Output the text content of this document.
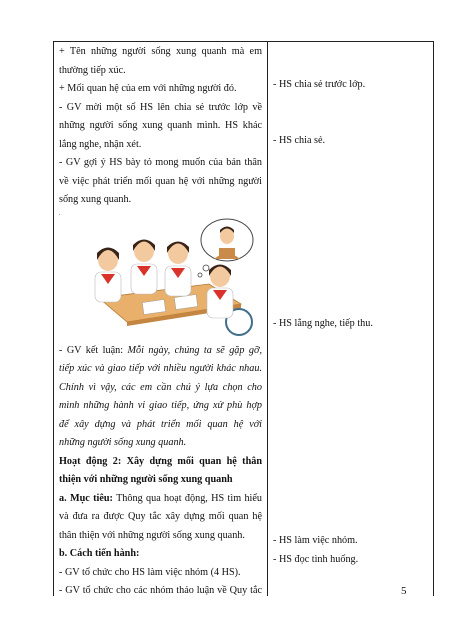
+ Tên những người sống xung quanh mà em
thường tiếp xúc.
+ Mối quan hệ của em với những người đó.
- GV mời một số HS lên chia sẻ trước lớp về
những người sống xung quanh mình. HS khác
lắng nghe, nhận xét.
- GV gợi ý HS bày tỏ mong muốn của bản thân
về việc phát triển mối quan hệ với những người
sống xung quanh.
.
- GV kết luận: Mỗi ngày, chúng ta sẽ gặp gỡ,
tiếp xúc và giao tiếp với nhiều người khác nhau.
Chính vì vậy, các em cần chú ý lựa chọn cho
mình những hành vi giao tiếp, ứng xử phù hợp
để xây dựng và phát triển mối quan hệ với
những người sống xung quanh.
Hoạt động 2: Xây dựng mối quan hệ thân
thiện với những người sống xung quanh
a. Mục tiêu: Thông qua hoạt động, HS tìm hiểu
và đưa ra được Quy tắc xây dựng mối quan hệ
thân thiện với những người sống xung quanh.
b. Cách tiến hành:
- GV tổ chức cho HS làm việc nhóm (4 HS).
- GV tổ chức cho các nhóm thảo luận về Quy tắc
- HS chia sẻ trước lớp.
- HS chia sẻ.
- HS lắng nghe, tiếp thu.
- HS làm việc nhóm.
- HS đọc tình huống.
5
